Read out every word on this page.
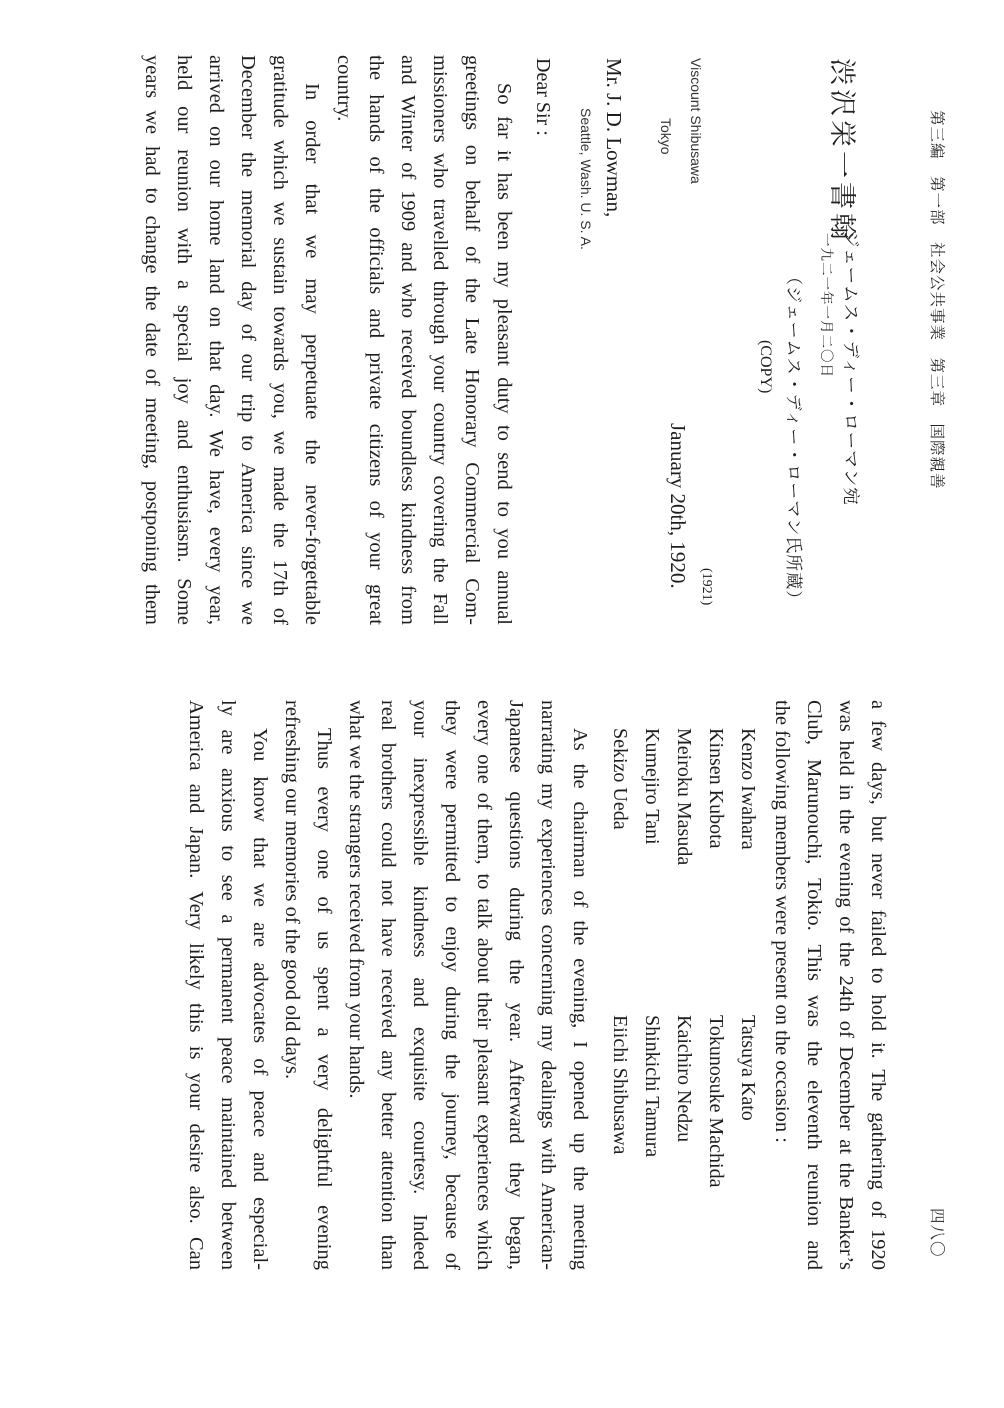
第三編　第一部　社会公共事業　第三章　国際親善
四八〇
渋沢栄一書翰
ジェームス・ディー・ローマン宛
一九二一年一月二〇日
（ジェームス・ディー・ローマン氏所蔵）
(COPY)
Viscount Shibusawa
Tokyo
(1921)
January 20th, 1920.
Mr. J. D. Lowman,
Seattle, Wash. U. S. A.
Dear Sir :

So far it has been my pleasant duty to send to you annual
greetings on behalf of the Late Honorary Commercial Com-
missioners who travelled through your country covering the Fall
and Winter of 1909 and who received boundless kindness from
the hands of the officials and private citizens of your great
country.

In order that we may perpetuate the never-forgettable
gratitude which we sustain towards you, we made the 17th of
December the memorial day of our trip to America since we
arrived on our home land on that day. We have, every year,
held our reunion with a special joy and enthusiasm. Some
years we had to change the date of meeting, postponing them

a few days, but never failed to hold it. The gathering of 1920
was held in the evening of the 24th of December at the Banker’s
Club, Marunouchi, Tokio. This was the eleventh reunion and
the following members were present on the occasion :
Kenzo Iwahara
Tatsuya Kato
Kinsen Kubota
Tokunosuke Machida
Meiroku Masuda
Kaichiro Nedzu
Kumejiro Tani
Shinkichi Tamura
Sekizo Ueda
Eiichi Shibusawa

As the chairman of the evening, I opened up the meeting
narrating my experiences concerning my dealings with American-
Japanese questions during the year. Afterward they began,
every one of them, to talk about their pleasant experiences which
they were permitted to enjoy during the journey, because of
your inexpressible kindness and exquisite courtesy. Indeed
real brothers could not have received any better attention than
what we the strangers received from your hands.

Thus every one of us spent a very delightful evening
refreshing our memories of the good old days.

You know that we are advocates of peace and especial-
ly are anxious to see a permanent peace maintained between
America and Japan. Very likely this is your desire also. Can
